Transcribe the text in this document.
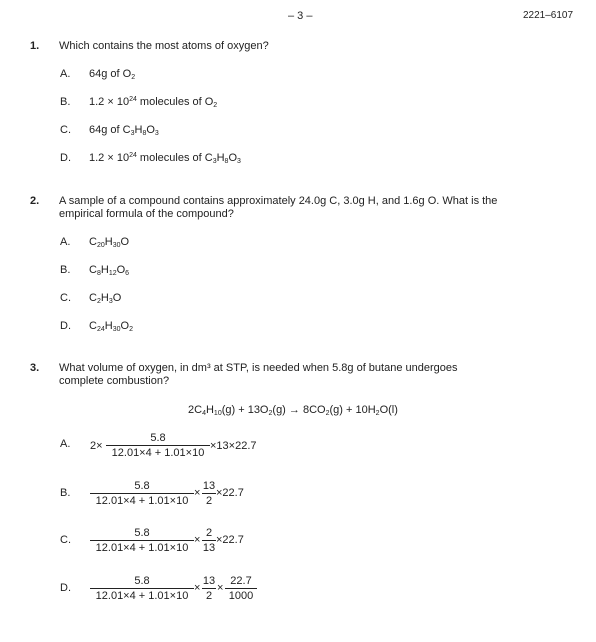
– 3 –	2221–6107
1. Which contains the most atoms of oxygen?
A. 64g of $O_2$
B. $1.2 \times 10^{24}$ molecules of $O_2$
C. 64g of $C_3H_8O_3$
D. $1.2 \times 10^{24}$ molecules of $C_3H_8O_3$
2. A sample of a compound contains approximately 24.0g C, 3.0g H, and 1.6g O. What is the
empirical formula of the compound?
A. $C_{20}H_{30}O$
B. $C_8H_{12}O_6$
C. $C_2H_3O$
D. $C_{24}H_{30}O_2$
3. What volume of oxygen, in dm³ at STP, is needed when 5.8g of butane undergoes
complete combustion?
$2C_4H_{10}(g) + 13O_2(g) \to 8CO_2(g) + 10H_2O(l)$
A. $2\times \frac{5.8}{12.01\times 4 + 1.01\times 10} \times 13\times 22.7$
B. $\frac{5.8}{12.01\times 4 + 1.01\times 10} \times \frac{13}{2} \times 22.7$
C. $\frac{5.8}{12.01\times 4 + 1.01\times 10} \times \frac{2}{13} \times 22.7$
D. $\frac{5.8}{12.01\times 4 + 1.01\times 10} \times \frac{13}{2} \times \frac{22.7}{1000}$
